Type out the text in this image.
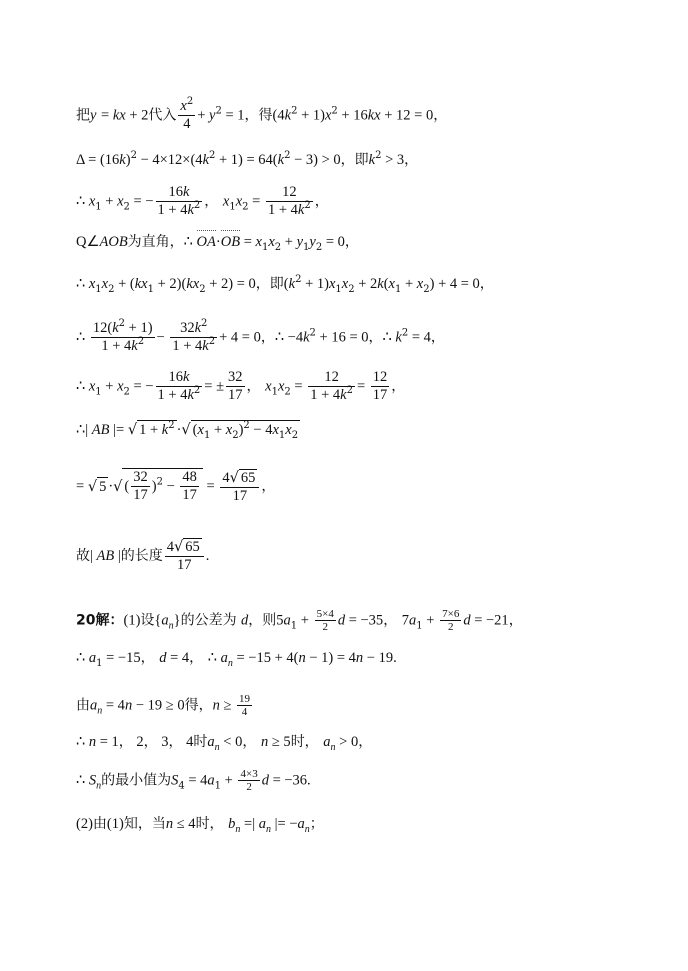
把y = kx + 2代入 $\frac{x^2}{4} + y^2 = 1$，得$(4k^2 + 1)x^2 + 16kx + 12 = 0$，
$\Delta = (16k)^2 - 4\times 12\times(4k^2 + 1) = 64(k^2 - 3) > 0$，即$k^2 > 3$，
∴ $x_1 + x_2$ = − $\frac{16k}{1 + 4k^2}$ ， $x_1x_2 = \frac{12}{1 + 4k^2}$ ，
Q∠AOB为直角，∴ $OA\cdot OB = x_1x_2 + y_1y_2 = 0$，
∴ $x_1x_2 + (kx_1 + 2)(kx_2 + 2) = 0$，即$(k^2 + 1)x_1x_2 + 2k(x_1 + x_2) + 4 = 0$，
∴ $\frac{12(k^2 + 1)}{1 + 4k^2} - \frac{32k^2}{1 + 4k^2} + 4 = 0$，∴ $-4k^2 + 16 = 0$，∴ $k^2 = 4$，
∴ $x_1 + x_2$ = − $\frac{16k}{1 + 4k^2}$ = ± $\frac{32}{17}$ ， $x_1x_2 = \frac{12}{1 + 4k^2} = \frac{12}{17}$ ，
∴| AB |= √ $1 + k^2$ ·√ $(x_1 + x_2)^2 - 4x_1x_2$
= √ 5 ·√ ( $\frac{32}{17} )^2 - \frac{48}{17} = \frac{4√ 65}{17}$ ，
故| AB |的长度 $\frac{4√ 65}{17}$ .
20解：(1)设$\{a_n\}$的公差为 d，则$5a_1 + \frac{5\times 4}{2}$ d = −35， $7a_1 + \frac{7\times 6}{2}$ d = −21，
∴ $a_1 = -15$， d = 4， ∴ $a_n = -15 + 4(n - 1) = 4n - 19$.
由$a_n = 4n - 19 \ge 0$得，$n \ge \frac{19}{4}$
∴ n = 1， 2， 3， 4时$a_n < 0$， n ≥ 5时， $a_n > 0$，
∴ $S_n$的最小值为$S_4 = 4a_1 + \frac{4\times 3}{2}$ d = −36.
(2)由(1)知，当n ≤ 4时， $b_n$ =| $a_n$ |= $-a_n$；
